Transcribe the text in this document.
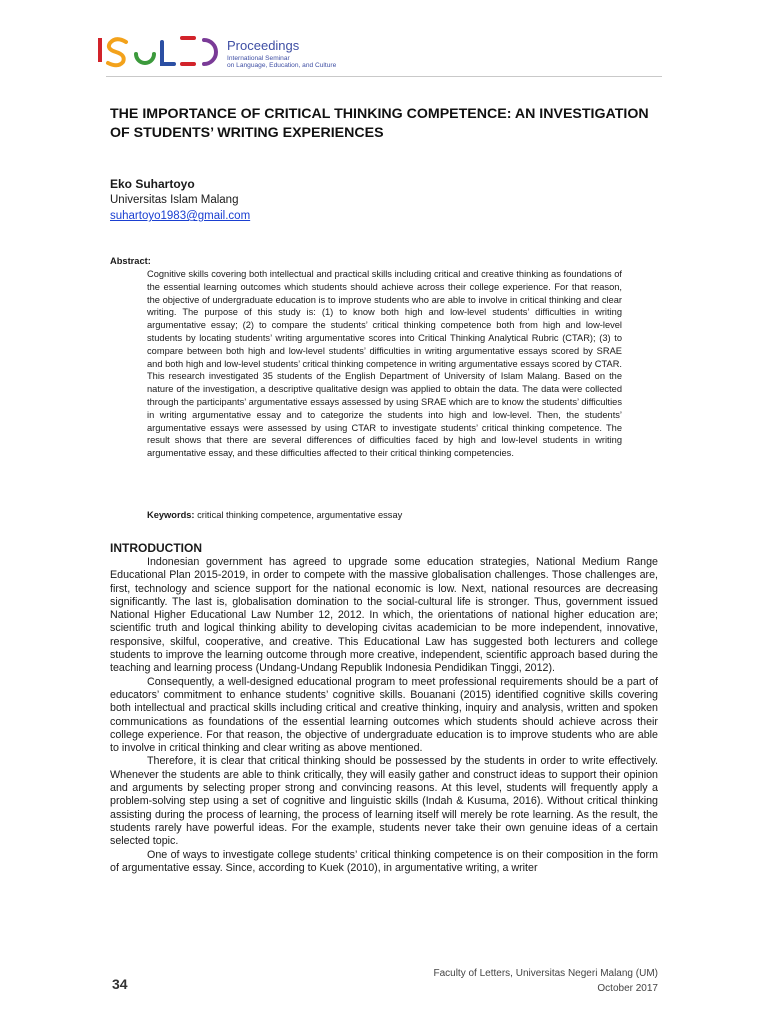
Proceedings
International Seminar
on Language, Education, and Culture
THE IMPORTANCE OF CRITICAL THINKING COMPETENCE: AN INVESTIGATION OF STUDENTS’ WRITING EXPERIENCES
Eko Suhartoyo
Universitas Islam Malang
suhartoyo1983@gmail.com
Abstract:

Cognitive skills covering both intellectual and practical skills including critical and creative thinking as foundations of the essential learning outcomes which students should achieve across their college experience. For that reason, the objective of undergraduate education is to improve students who are able to involve in critical thinking and clear writing. The purpose of this study is: (1) to know both high and low-level students’ difficulties in writing argumentative essay; (2) to compare the students’ critical thinking competence both from high and low-level students by locating students’ writing argumentative scores into Critical Thinking Analytical Rubric (CTAR); (3) to compare between both high and low-level students’ difficulties in writing argumentative essays scored by SRAE and both high and low-level students’ critical thinking competence in writing argumentative essays scored by CTAR. This research investigated 35 students of the English Department of University of Islam Malang. Based on the nature of the investigation, a descriptive qualitative design was applied to obtain the data. The data were collected through the participants’ argumentative essays assessed by using SRAE which are to know the students’ difficulties in writing argumentative essay and to categorize the students into high and low-level. Then, the students’ argumentative essays were assessed by using CTAR to investigate students’ critical thinking competence. The result shows that there are several differences of difficulties faced by high and low-level students in writing argumentative essay, and these difficulties affected to their critical thinking competencies.

Keywords: critical thinking competence, argumentative essay
INTRODUCTION

Indonesian government has agreed to upgrade some education strategies, National Medium Range Educational Plan 2015-2019, in order to compete with the massive globalisation challenges. Those challenges are, first, technology and science support for the national economic is low. Next, national resources are decreasing significantly. The last is, globalisation domination to the social-cultural life is stronger. Thus, government issued National Higher Educational Law Number 12, 2012. In which, the orientations of national higher education are; scientific truth and logical thinking ability to developing civitas academician to be more independent, innovative, responsive, skilful, cooperative, and creative. This Educational Law has suggested both lecturers and college students to improve the learning outcome through more creative, independent, scientific approach based during the teaching and learning process (Undang-Undang Republik Indonesia Pendidikan Tinggi, 2012).

Consequently, a well-designed educational program to meet professional requirements should be a part of educators’ commitment to enhance students’ cognitive skills. Bouanani (2015) identified cognitive skills covering both intellectual and practical skills including critical and creative thinking, inquiry and analysis, written and spoken communications as foundations of the essential learning outcomes which students should achieve across their college experience. For that reason, the objective of undergraduate education is to improve students who are able to involve in critical thinking and clear writing as above mentioned.

Therefore, it is clear that critical thinking should be possessed by the students in order to write effectively. Whenever the students are able to think critically, they will easily gather and construct ideas to support their opinion and arguments by selecting proper strong and convincing reasons. At this level, students will frequently apply a problem-solving step using a set of cognitive and linguistic skills (Indah & Kusuma, 2016). Without critical thinking assisting during the process of learning, the process of learning itself will merely be rote learning. As the result, the students rarely have powerful ideas. For the example, students never take their own genuine ideas of a certain selected topic.

One of ways to investigate college students’ critical thinking competence is on their composition in the form of argumentative essay. Since, according to Kuek (2010), in argumentative writing, a writer

34
Faculty of Letters, Universitas Negeri Malang (UM)
October 2017
